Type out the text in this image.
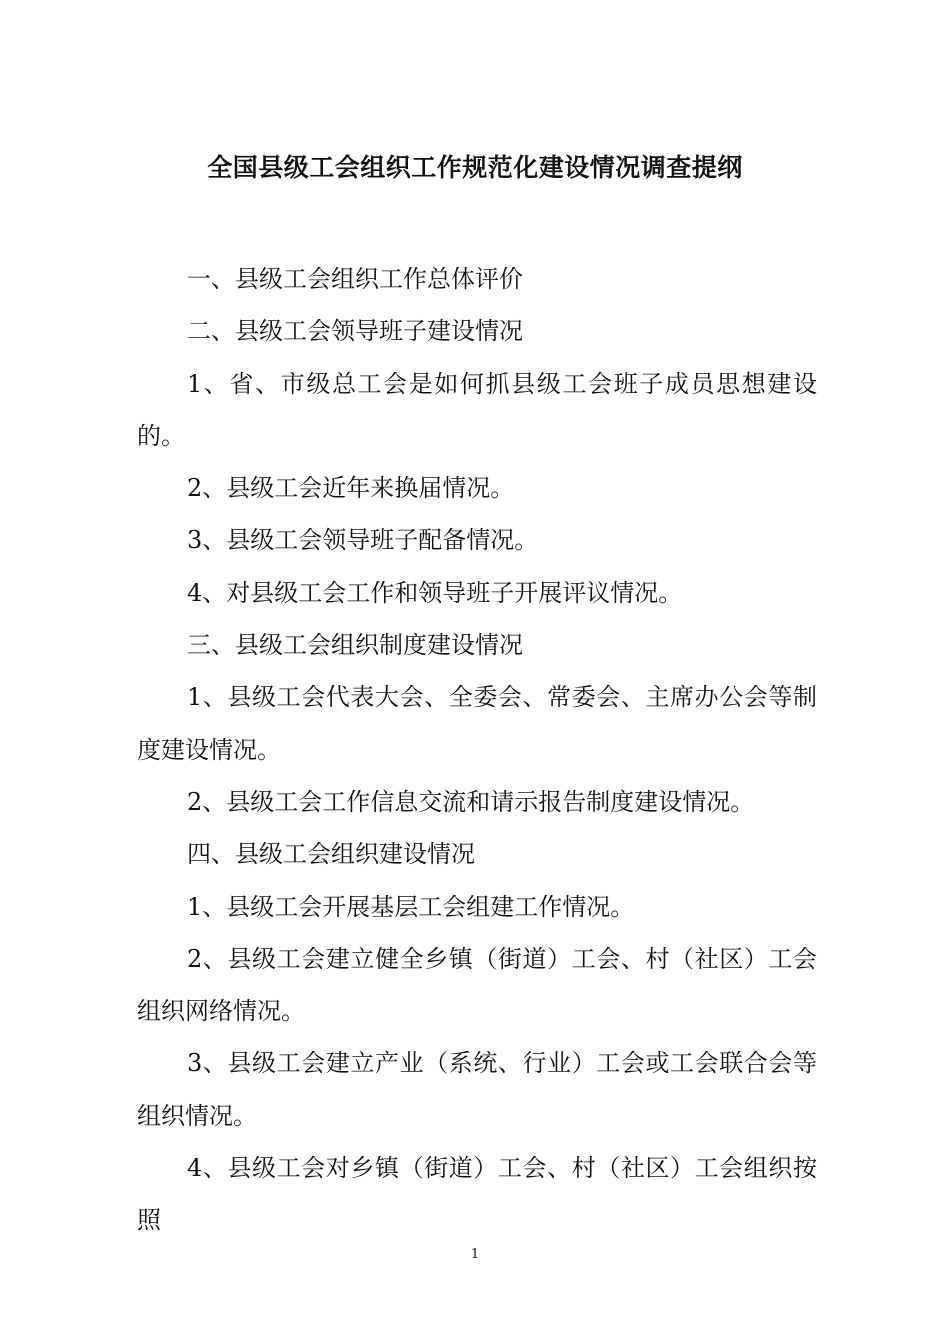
全国县级工会组织工作规范化建设情况调查提纲

一、县级工会组织工作总体评价

二、县级工会领导班子建设情况

1、省、市级总工会是如何抓县级工会班子成员思想建设的。

2、县级工会近年来换届情况。

3、县级工会领导班子配备情况。

4、对县级工会工作和领导班子开展评议情况。

三、县级工会组织制度建设情况

1、县级工会代表大会、全委会、常委会、主席办公会等制度建设情况。

2、县级工会工作信息交流和请示报告制度建设情况。

四、县级工会组织建设情况

1、县级工会开展基层工会组建工作情况。

2、县级工会建立健全乡镇（街道）工会、村（社区）工会组织网络情况。

3、县级工会建立产业（系统、行业）工会或工会联合会等组织情况。

4、县级工会对乡镇（街道）工会、村（社区）工会组织按照

1
